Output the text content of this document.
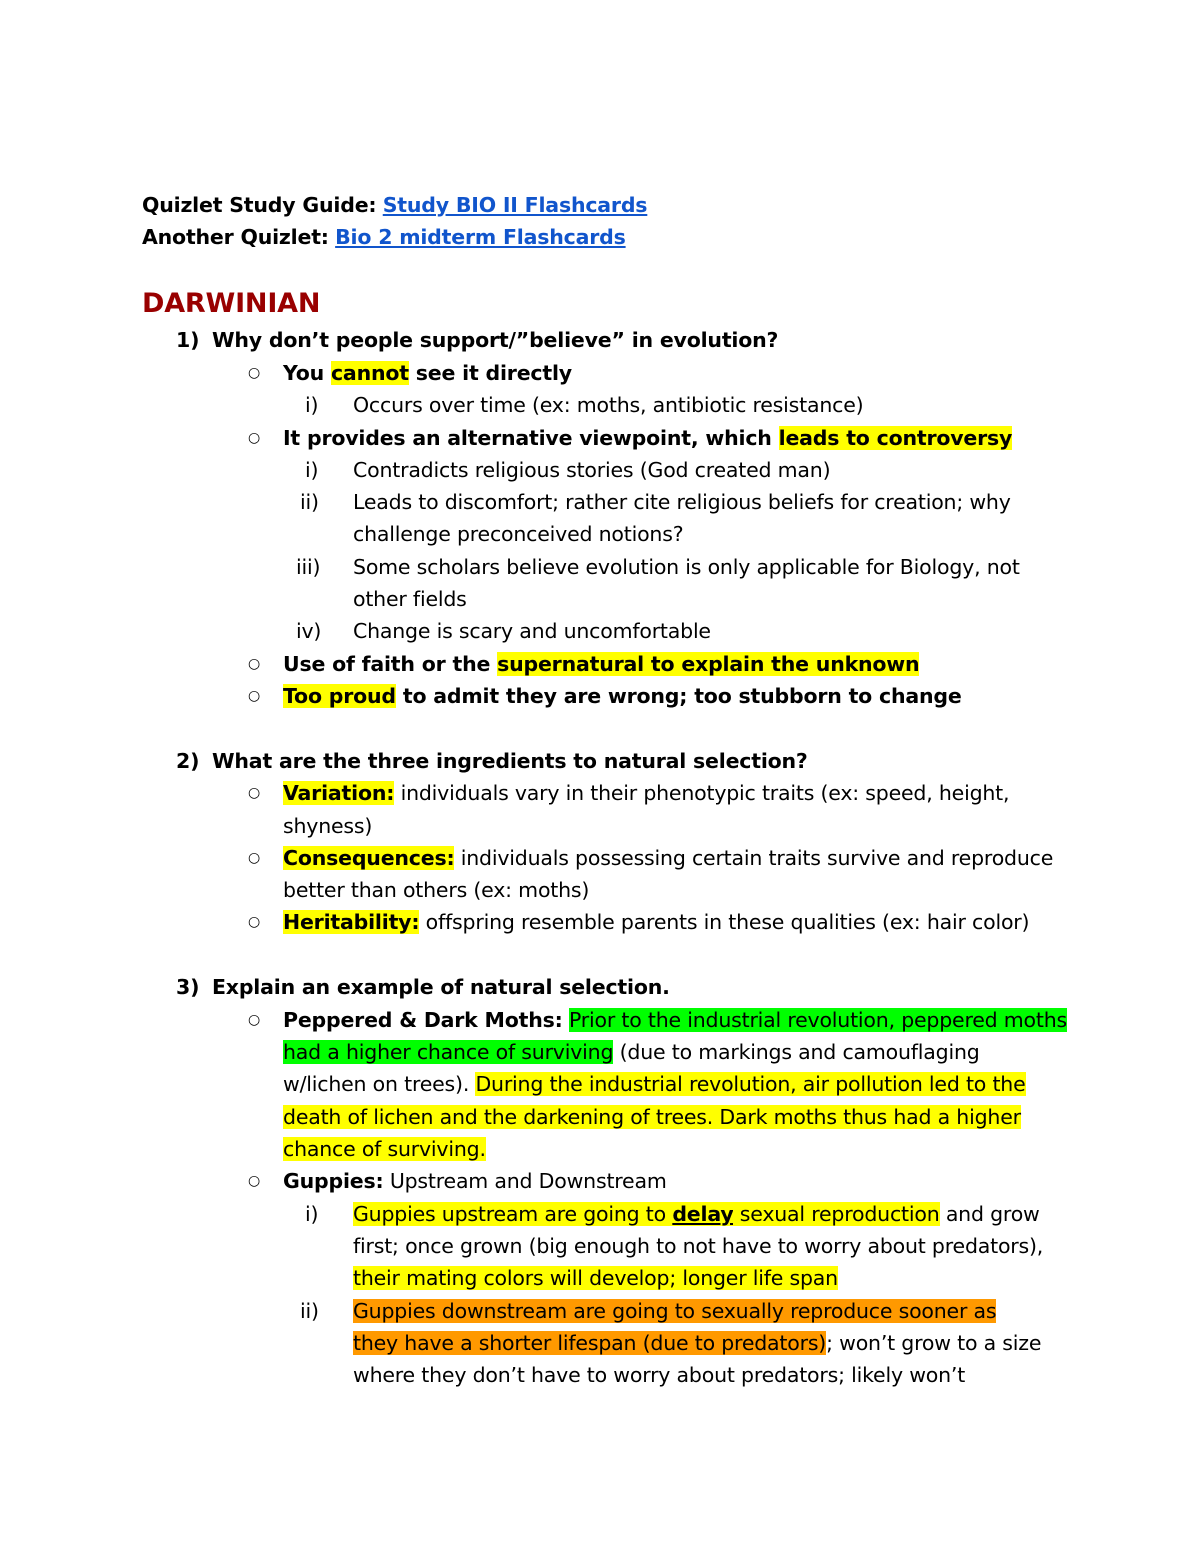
Quizlet Study Guide: Study BIO II Flashcards
Another Quizlet: Bio 2 midterm Flashcards
DARWINIAN
1) Why don’t people support/”believe” in evolution?
○ You cannot see it directly
i) Occurs over time (ex: moths, antibiotic resistance)
○ It provides an alternative viewpoint, which leads to controversy
i) Contradicts religious stories (God created man)
ii) Leads to discomfort; rather cite religious beliefs for creation; why
challenge preconceived notions?
iii) Some scholars believe evolution is only applicable for Biology, not
other fields
iv) Change is scary and uncomfortable
○ Use of faith or the supernatural to explain the unknown
○ Too proud to admit they are wrong; too stubborn to change
2) What are the three ingredients to natural selection?
○ Variation: individuals vary in their phenotypic traits (ex: speed, height,
shyness)
○ Consequences: individuals possessing certain traits survive and reproduce
better than others (ex: moths)
○ Heritability: offspring resemble parents in these qualities (ex: hair color)
3) Explain an example of natural selection.
○ Peppered & Dark Moths: Prior to the industrial revolution, peppered moths
had a higher chance of surviving (due to markings and camouflaging
w/lichen on trees). During the industrial revolution, air pollution led to the
death of lichen and the darkening of trees. Dark moths thus had a higher
chance of surviving.
○ Guppies: Upstream and Downstream
i) Guppies upstream are going to delay sexual reproduction and grow
first; once grown (big enough to not have to worry about predators),
their mating colors will develop; longer life span
ii) Guppies downstream are going to sexually reproduce sooner as
they have a shorter lifespan (due to predators); won’t grow to a size
where they don’t have to worry about predators; likely won’t
